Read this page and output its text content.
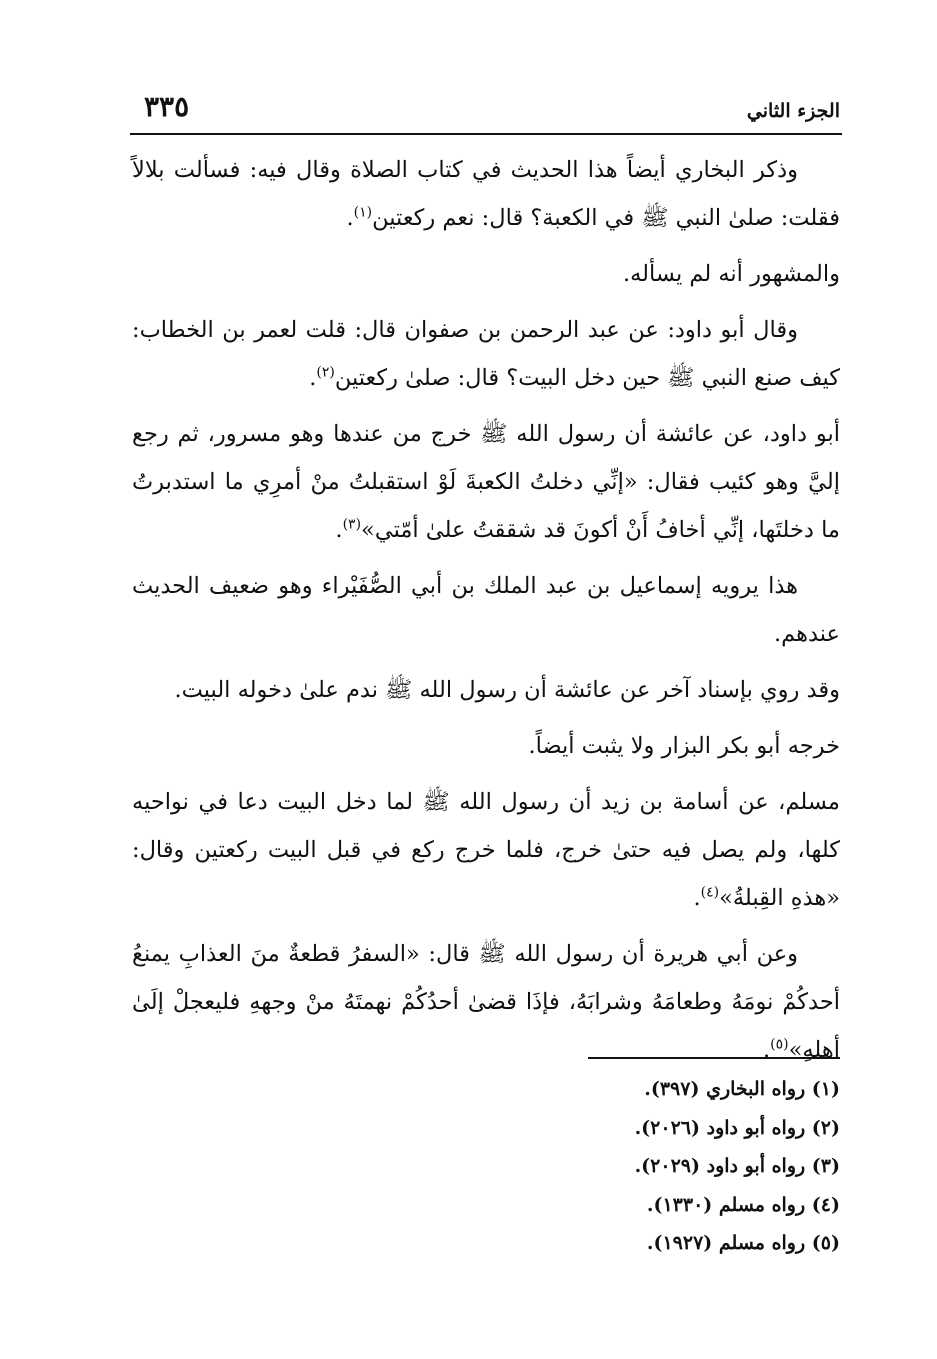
الجزء الثاني
٣٣٥

وذكر البخاري أيضاً هذا الحديث في كتاب الصلاة وقال فيه: فسألت بلالاً فقلت: صلىٰ النبي ﷺ في الكعبة؟ قال: نعم ركعتين$^{(١)}$.

والمشهور أنه لم يسأله.

وقال أبو داود: عن عبد الرحمن بن صفوان قال: قلت لعمر بن الخطاب: كيف صنع النبي ﷺ حين دخل البيت؟ قال: صلىٰ ركعتين$^{(٢)}$.

أبو داود، عن عائشة أن رسول الله ﷺ خرج من عندها وهو مسرور، ثم رجع إليَّ وهو كئيب فقال: «إنِّي دخلتُ الكعبةَ لَوْ استقبلتُ منْ أمرِي ما استدبرتُ ما دخلتَها، إنِّي أخافُ أَنْ أكونَ قد شققتُ علىٰ أمّتي»$^{(٣)}$.

هذا يرويه إسماعيل بن عبد الملك بن أبي الصُّفَيْراء وهو ضعيف الحديث عندهم.

وقد روي بإسناد آخر عن عائشة أن رسول الله ﷺ ندم علىٰ دخوله البيت.

خرجه أبو بكر البزار ولا يثبت أيضاً.

مسلم، عن أسامة بن زيد أن رسول الله ﷺ لما دخل البيت دعا في نواحيه كلها، ولم يصل فيه حتىٰ خرج، فلما خرج ركع في قبل البيت ركعتين وقال: «هذهِ القِبلةُ»$^{(٤)}$.

وعن أبي هريرة أن رسول الله ﷺ قال: «السفرُ قطعةٌ منَ العذابِ يمنعُ أحدكُمْ نومَهُ وطعامَهُ وشرابَهُ، فإذَا قضىٰ أحدُكُمْ نهمتَهُ منْ وجههِ فليعجلْ إلَىٰ أهلهِ»$^{(٥)}$.

(١) رواه البخاري (٣٩٧).

(٢) رواه أبو داود (٢٠٢٦).

(٣) رواه أبو داود (٢٠٢٩).

(٤) رواه مسلم (١٣٣٠).

(٥) رواه مسلم (١٩٢٧).
